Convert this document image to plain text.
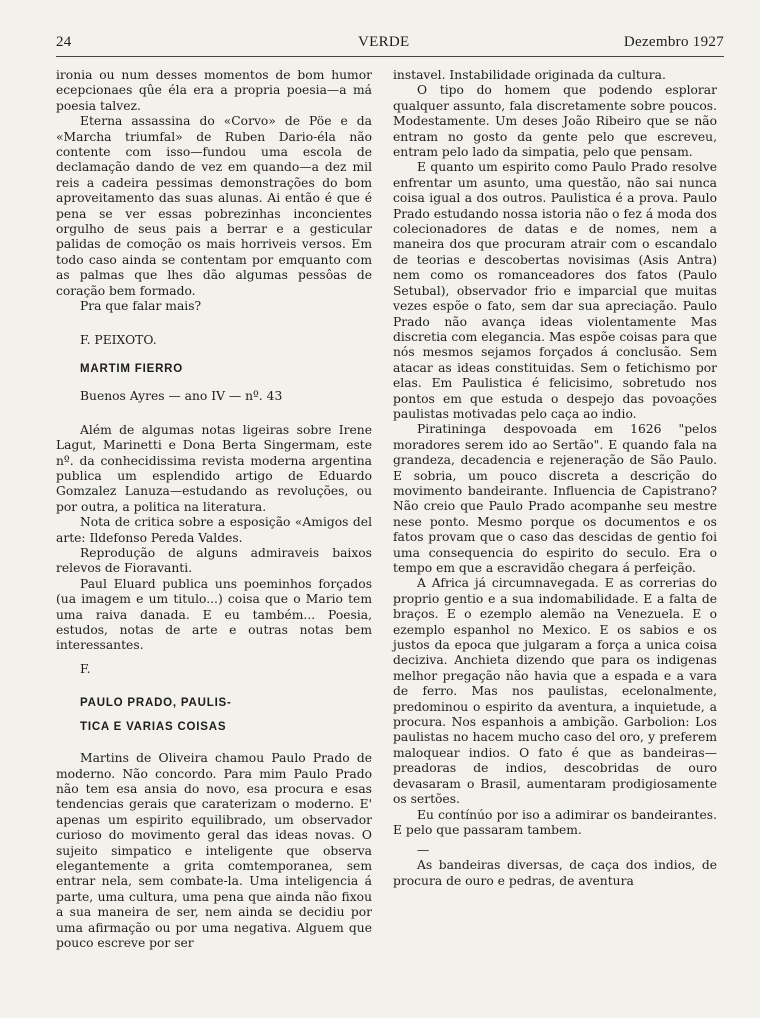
24	VERDE	Dezembro 1927

ironia ou num desses momentos de bom humor ecepcionaes qûe éla era a propria poesia—a má poesia talvez.

Eterna assassina do «Corvo» de Pöe e da «Marcha triumfal» de Ruben Dario-éla não contente com isso—fundou uma escola de declamação dando de vez em quando—a dez mil reis a cadeira pessimas demonstrações do bom aproveitamento das suas alunas. Ai então é que é pena se ver essas pobrezinhas inconcientes orgulho de seus pais a berrar e a gesticular palidas de comoção os mais horriveis versos. Em todo caso ainda se contentam por emquanto com as palmas que lhes dão algumas pessôas de coração bem formado.

Pra que falar mais?

F. PEIXOTO.

MARTIM FIERRO

Buenos Ayres — ano IV — nº. 43

Além de algumas notas ligeiras sobre Irene Lagut, Marinetti e Dona Berta Singermam, este nº. da conhecidissima revista moderna argentina publica um esplendido artigo de Eduardo Gomzalez Lanuza—estudando as revoluções, ou por outra, a politica na literatura.

Nota de critica sobre a esposição «Amigos del arte: Ildefonso Pereda Valdes.

Reprodução de alguns admiraveis baixos relevos de Fioravanti.

Paul Eluard publica uns poeminhos forçados (ua imagem e um titulo...) coisa que o Mario tem uma raiva danada. E eu também... Poesia, estudos, notas de arte e outras notas bem interessantes.

F.

PAULO PRADO, PAULIS-

TICA E VARIAS COISAS

Martins de Oliveira chamou Paulo Prado de moderno. Não concordo. Para mim Paulo Prado não tem esa ansia do novo, esa procura e esas tendencias gerais que caraterizam o moderno. E' apenas um espirito equilibrado, um observador curioso do movimento geral das ideas novas. O sujeito simpatico e inteligente que observa elegantemente a grita comtemporanea, sem entrar nela, sem combate-la. Uma inteligencia á parte, uma cultura, uma pena que ainda não fixou a sua maneira de ser, nem ainda se decidiu por uma afirmação ou por uma negativa. Alguem que pouco escreve por ser

instavel. Instabilidade originada da cultura.

O tipo do homem que podendo esplorar qualquer assunto, fala discretamente sobre poucos. Modestamente. Um deses João Ribeiro que se não entram no gosto da gente pelo que escreveu, entram pelo lado da simpatia, pelo que pensam.

E quanto um espirito como Paulo Prado resolve enfrentar um asunto, uma questão, não sai nunca coisa igual a dos outros. Paulistica é a prova. Paulo Prado estudando nossa istoria não o fez á moda dos colecionadores de datas e de nomes, nem a maneira dos que procuram atrair com o escandalo de teorias e descobertas novisimas (Asis Antra) nem como os romanceadores dos fatos (Paulo Setubal), observador frio e imparcial que muitas vezes espõe o fato, sem dar sua apreciação. Paulo Prado não avança ideas violentamente Mas discretia com elegancia. Mas espõe coisas para que nós mesmos sejamos forçados á conclusão. Sem atacar as ideas constituidas. Sem o fetichismo por elas. Em Paulistica é felicisimo, sobretudo nos pontos em que estuda o despejo das povoações paulistas motivadas pelo caça ao indio.

Piratininga despovoada em 1626 "pelos moradores serem ido ao Sertão". E quando fala na grandeza, decadencia e rejeneração de São Paulo. E sobria, um pouco discreta a descrição do movimento bandeirante. Influencia de Capistrano? Não creio que Paulo Prado acompanhe seu mestre nese ponto. Mesmo porque os documentos e os fatos provam que o caso das descidas de gentio foi uma consequencia do espirito do seculo. Era o tempo em que a escravidão chegara á perfeição.

A Africa já circumnavegada. E as correrias do proprio gentio e a sua indomabilidade. E a falta de braços. E o ezemplo alemão na Venezuela. E o ezemplo espanhol no Mexico. E os sabios e os justos da epoca que julgaram a força a unica coisa deciziva. Anchieta dizendo que para os indigenas melhor pregação não havia que a espada e a vara de ferro. Mas nos paulistas, ecelonalmente, predominou o espirito da aventura, a inquietude, a procura. Nos espanhois a ambição. Garbolion: Los paulistas no hacem mucho caso del oro, y preferem maloquear indios. O fato é que as bandeiras—preadoras de indios, descobridas de ouro devasaram o Brasil, aumentaram prodigiosamente os sertões.

Eu contínúo por iso a adimirar os bandeirantes. E pelo que passaram tambem.

—

As bandeiras diversas, de caça dos indios, de procura de ouro e pedras, de aventura
